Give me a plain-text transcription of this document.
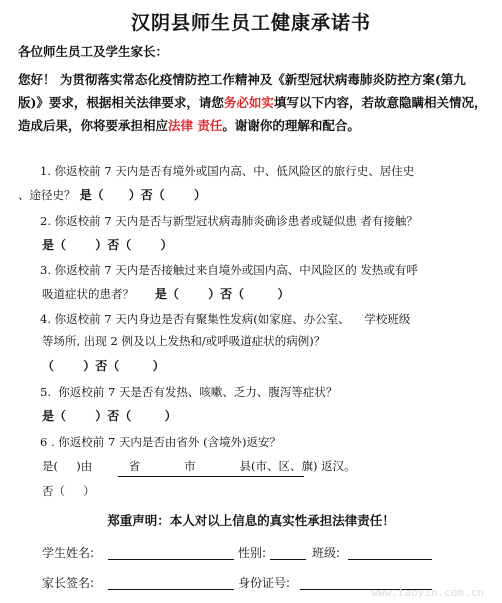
汉阴县师生员工健康承诺书
各位师生员工及学生家长：
您好！ 为贯彻落实常态化疫情防控工作精神及《新型冠状病毒肺炎防控方案(第九版)》要求，根据相关法律要求，请您务必如实填写以下内容，若故意隐瞒相关情况，造成后果，你将要承担相应法律 责任。谢谢你的理解和配合。
1. 你返校前 7 天内是否有境外或国内高、中、低风险区的旅行史、居住史
、途径史？ 是（      ）否（       ）
2. 你返校前 7 天内是否与新型冠状病毒肺炎确诊患者或疑似患 者有接触？
是（       ）否（       ）
3. 你返校前 7 天内是否接触过来自境外或国内高、中风险区的 发热或有呼
吸道症状的患者？     是（       ）否（        ）
4. 你返校前 7 天内身边是否有聚集性发病(如家庭、办公室、    学校班级
等场所, 出现 2 例及以上发热和/或呼吸道症状的病例)？
（       ）否（        ）
5.  你返校前 7 天是否有发热、咳嗽、乏力、腹泻等症状？
是（       ）否（        ）
6 . 你返校前 7 天内是否由省外 (含境外)返安？
是(     )由          省            市            县(市、区、旗) 返汉。
否（     ）
郑重声明：本人对以上信息的真实性承担法律责任！
学生姓名:	性别:	班级:
家长签名:	身份证号:
www.taoyin.com.cn
